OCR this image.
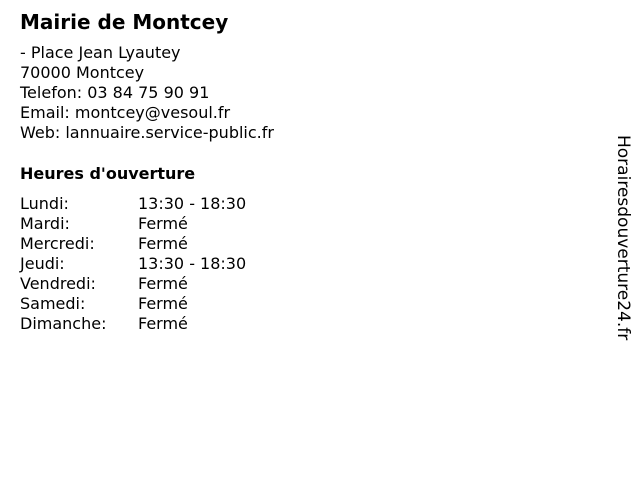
Mairie de Montcey
- Place Jean Lyautey
70000 Montcey
Telefon: 03 84 75 90 91
Email: montcey@vesoul.fr
Web: lannuaire.service-public.fr
Heures d'ouverture
Lundi:	13:30 - 18:30
Mardi:	Fermé
Mercredi:	Fermé
Jeudi:	13:30 - 18:30
Vendredi:	Fermé
Samedi:	Fermé
Dimanche:	Fermé	Horairesdouverture24.fr
